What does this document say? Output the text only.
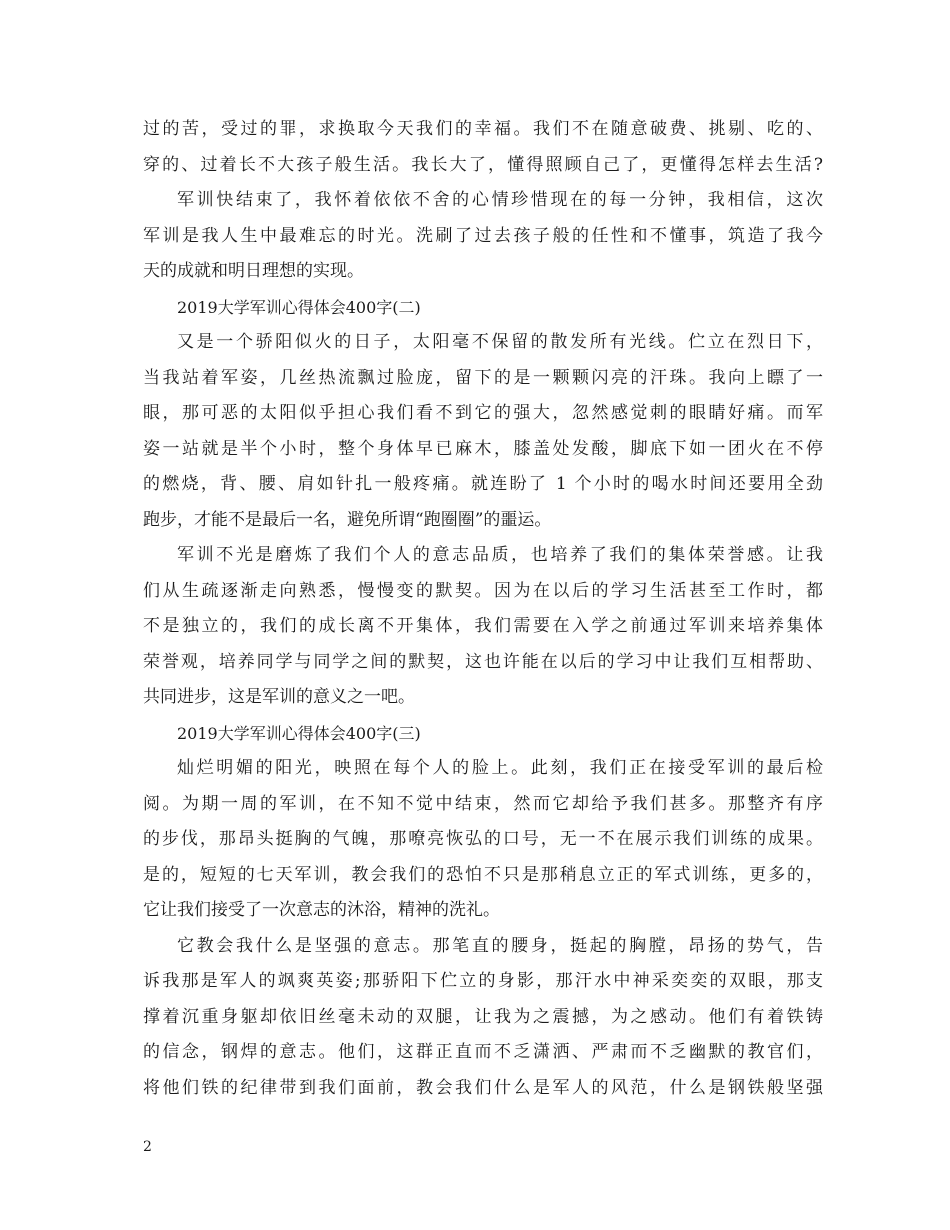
过的苦，受过的罪，求换取今天我们的幸福。我们不在随意破费、挑剔、吃的、
穿的、过着长不大孩子般生活。我长大了，懂得照顾自己了，更懂得怎样去生活?
军训快结束了，我怀着依依不舍的心情珍惜现在的每一分钟，我相信，这次
军训是我人生中最难忘的时光。洗刷了过去孩子般的任性和不懂事，筑造了我今
天的成就和明日理想的实现。
2019大学军训心得体会400字(二)
又是一个骄阳似火的日子，太阳毫不保留的散发所有光线。伫立在烈日下，
当我站着军姿，几丝热流飘过脸庞，留下的是一颗颗闪亮的汗珠。我向上瞟了一
眼，那可恶的太阳似乎担心我们看不到它的强大，忽然感觉刺的眼睛好痛。而军
姿一站就是半个小时，整个身体早已麻木，膝盖处发酸，脚底下如一团火在不停
的燃烧，背、腰、肩如针扎一般疼痛。就连盼了 1 个小时的喝水时间还要用全劲
跑步，才能不是最后一名，避免所谓“跑圈圈”的噩运。
军训不光是磨炼了我们个人的意志品质，也培养了我们的集体荣誉感。让我
们从生疏逐渐走向熟悉，慢慢变的默契。因为在以后的学习生活甚至工作时，都
不是独立的，我们的成长离不开集体，我们需要在入学之前通过军训来培养集体
荣誉观，培养同学与同学之间的默契，这也许能在以后的学习中让我们互相帮助、
共同进步，这是军训的意义之一吧。
2019大学军训心得体会400字(三)
灿烂明媚的阳光，映照在每个人的脸上。此刻，我们正在接受军训的最后检
阅。为期一周的军训，在不知不觉中结束，然而它却给予我们甚多。那整齐有序
的步伐，那昂头挺胸的气魄，那嘹亮恢弘的口号，无一不在展示我们训练的成果。
是的，短短的七天军训，教会我们的恐怕不只是那稍息立正的军式训练，更多的，
它让我们接受了一次意志的沐浴，精神的洗礼。
它教会我什么是坚强的意志。那笔直的腰身，挺起的胸膛，昂扬的势气，告
诉我那是军人的飒爽英姿;那骄阳下伫立的身影，那汗水中神采奕奕的双眼，那支
撑着沉重身躯却依旧丝毫未动的双腿，让我为之震撼，为之感动。他们有着铁铸
的信念，钢焊的意志。他们，这群正直而不乏潇洒、严肃而不乏幽默的教官们，
将他们铁的纪律带到我们面前，教会我们什么是军人的风范，什么是钢铁般坚强
2
